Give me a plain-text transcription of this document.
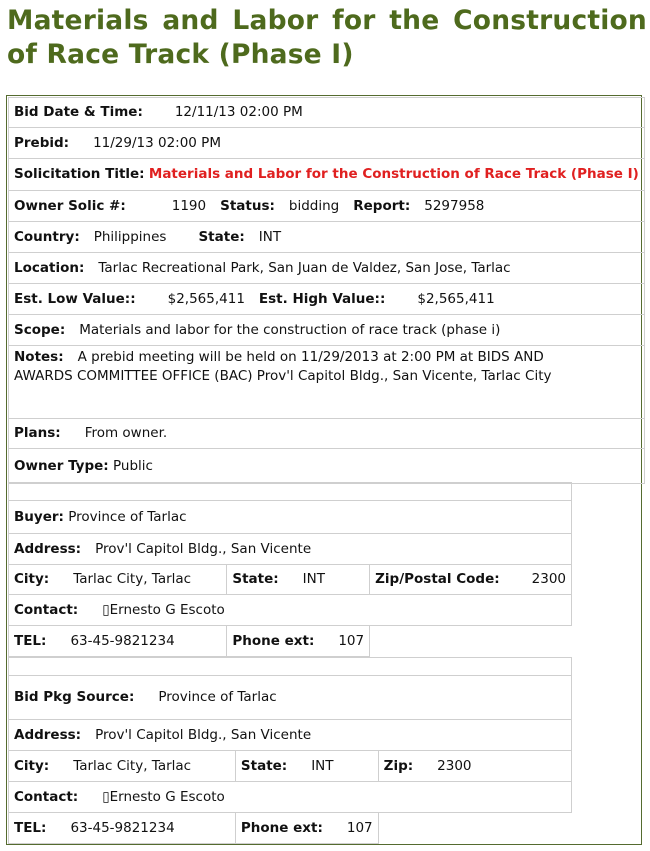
Materials and Labor for the Construction of Race Track (Phase I)
Bid Date & Time: 12/11/13 02:00 PM
Prebid: 11/29/13 02:00 PM
Solicitation Title: Materials and Labor for the Construction of Race Track (Phase I)
Owner Solic #:	1190 Status: bidding Report: 5297958
Country: Philippines State: INT
Location: Tarlac Recreational Park, San Juan de Valdez, San Jose, Tarlac
Est. Low Value:: $2,565,411 Est. High Value:: $2,565,411
Scope: Materials and labor for the construction of race track (phase i)
Notes: A prebid meeting will be held on 11/29/2013 at 2:00 PM at BIDS AND AWARDS COMMITTEE OFFICE (BAC) Prov'l Capitol Bldg., San Vicente, Tarlac City
Plans: From owner.
Owner Type: Public

Buyer: Province of Tarlac		
Address: Prov'l Capitol Bldg., San Vicente		
City: Tarlac City, Tarlac	State: INT	Zip/Postal Code: 2300
Contact: ▯Ernesto G Escoto		
TEL: 63-45-9821234	Phone ext: 107	

Bid Pkg Source: Province of Tarlac		
Address: Prov'l Capitol Bldg., San Vicente		
City: Tarlac City, Tarlac	State: INT	Zip: 2300
Contact: ▯Ernesto G Escoto		
TEL: 63-45-9821234	Phone ext: 107	
